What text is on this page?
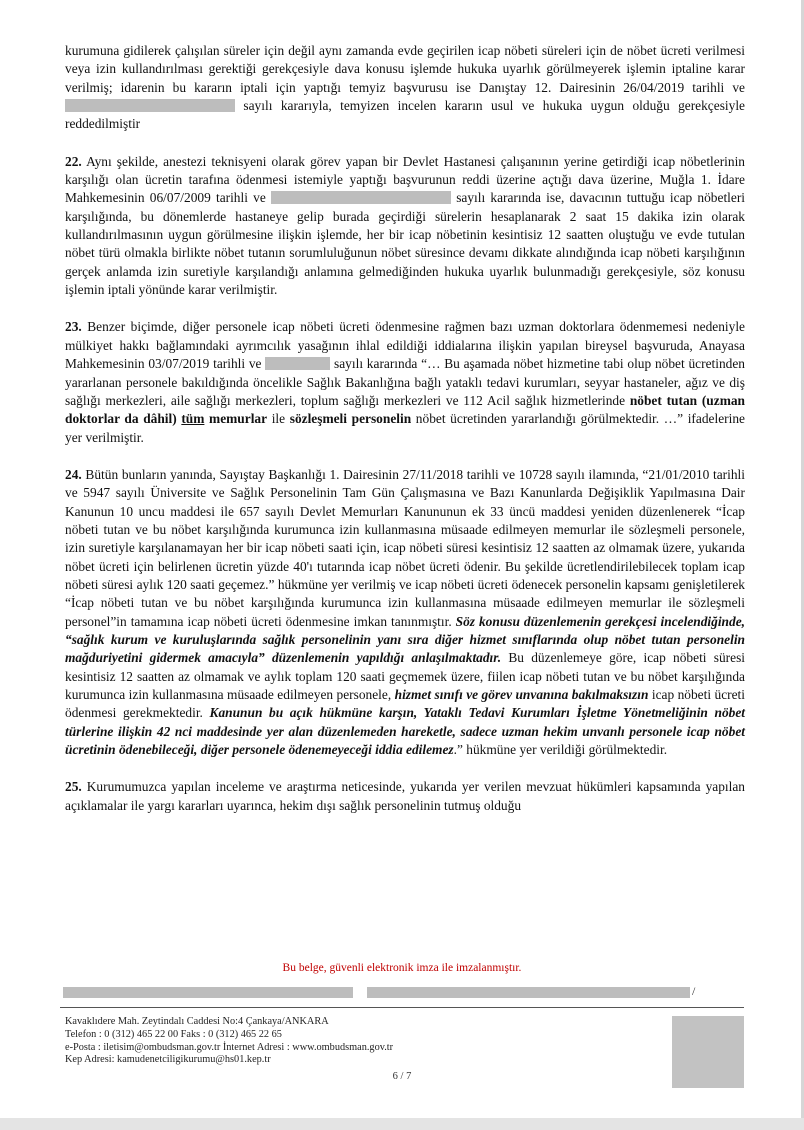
kurumuna gidilerek çalışılan süreler için değil aynı zamanda evde geçirilen icap nöbeti süreleri için de nöbet ücreti verilmesi veya izin kullandırılması gerektiği gerekçesiyle dava konusu işlemde hukuka uyarlık görülmeyerek işlemin iptaline karar verilmiş; idarenin bu kararın iptali için yaptığı temyiz başvurusu ise Danıştay 12. Dairesinin 26/04/2019 tarihli ve  sayılı kararıyla, temyizen incelen kararın usul ve hukuka uygun olduğu gerekçesiyle reddedilmiştir

22. Aynı şekilde, anestezi teknisyeni olarak görev yapan bir Devlet Hastanesi çalışanının yerine getirdiği icap nöbetlerinin karşılığı olan ücretin tarafına ödenmesi istemiyle yaptığı başvurunun reddi üzerine açtığı dava üzerine, Muğla 1. İdare Mahkemesinin 06/07/2009 tarihli ve	sayılı kararında ise, davacının tuttuğu icap nöbetleri karşılığında, bu dönemlerde hastaneye gelip burada geçirdiği sürelerin hesaplanarak 2 saat 15 dakika izin olarak kullandırılmasının uygun görülmesine ilişkin işlemde, her bir icap nöbetinin kesintisiz 12 saatten oluştuğu ve evde tutulan nöbet türü olmakla birlikte nöbet tutanın sorumluluğunun nöbet süresince devamı dikkate alındığında icap nöbeti karşılığının gerçek anlamda izin suretiyle karşılandığı anlamına gelmediğinden hukuka uyarlık bulunmadığı gerekçesiyle, söz konusu işlemin iptali yönünde karar verilmiştir.

23. Benzer biçimde, diğer personele icap nöbeti ücreti ödenmesine rağmen bazı uzman doktorlara ödenmemesi nedeniyle mülkiyet hakkı bağlamındaki ayrımcılık yasağının ihlal edildiği iddialarına ilişkin yapılan bireysel başvuruda, Anayasa Mahkemesinin 03/07/2019 tarihli ve	sayılı kararında “… Bu aşamada nöbet hizmetine tabi olup nöbet ücretinden yararlanan personele bakıldığında öncelikle Sağlık Bakanlığına bağlı yataklı tedavi kurumları, seyyar hastaneler, ağız ve diş sağlığı merkezleri, aile sağlığı merkezleri, toplum sağlığı merkezleri ve 112 Acil sağlık hizmetlerinde nöbet tutan (uzman doktorlar da dâhil) tüm memurlar ile sözleşmeli personelin nöbet ücretinden yararlandığı görülmektedir. …” ifadelerine yer verilmiştir.

24. Bütün bunların yanında, Sayıştay Başkanlığı 1. Dairesinin 27/11/2018 tarihli ve 10728 sayılı ilamında, “21/01/2010 tarihli ve 5947 sayılı Üniversite ve Sağlık Personelinin Tam Gün Çalışmasına ve Bazı Kanunlarda Değişiklik Yapılmasına Dair Kanunun 10 uncu maddesi ile 657 sayılı Devlet Memurları Kanununun ek 33 üncü maddesi yeniden düzenlenerek “İcap nöbeti tutan ve bu nöbet karşılığında kurumunca izin kullanmasına müsaade edilmeyen memurlar ile sözleşmeli personele, izin suretiyle karşılanamayan her bir icap nöbeti saati için, icap nöbeti süresi kesintisiz 12 saatten az olmamak üzere, yukarıda nöbet ücreti için belirlenen ücretin yüzde 40'ı tutarında icap nöbet ücreti ödenir. Bu şekilde ücretlendirilebilecek toplam icap nöbeti süresi aylık 120 saati geçemez.” hükmüne yer verilmiş ve icap nöbeti ücreti ödenecek personelin kapsamı genişletilerek “İcap nöbeti tutan ve bu nöbet karşılığında kurumunca izin kullanmasına müsaade edilmeyen memurlar ile sözleşmeli personel”in tamamına icap nöbeti ücreti ödenmesine imkan tanınmıştır. Söz konusu düzenlemenin gerekçesi incelendiğinde, “sağlık kurum ve kuruluşlarında sağlık personelinin yanı sıra diğer hizmet sınıflarında olup nöbet tutan personelin mağduriyetini gidermek amacıyla” düzenlemenin yapıldığı anlaşılmaktadır. Bu düzenlemeye göre, icap nöbeti süresi kesintisiz 12 saatten az olmamak ve aylık toplam 120 saati geçmemek üzere, fiilen icap nöbeti tutan ve bu nöbet karşılığında kurumunca izin kullanmasına müsaade edilmeyen personele, hizmet sınıfı ve görev unvanına bakılmaksızın icap nöbeti ücreti ödenmesi gerekmektedir. Kanunun bu açık hükmüne karşın, Yataklı Tedavi Kurumları İşletme Yönetmeliğinin nöbet türlerine ilişkin 42 nci maddesinde yer alan düzenlemeden hareketle, sadece uzman hekim unvanlı personele icap nöbet ücretinin ödenebileceği, diğer personele ödenemeyeceği iddia edilemez.” hükmüne yer verildiği görülmektedir.

25. Kurumumuzca yapılan inceleme ve araştırma neticesinde, yukarıda yer verilen mevzuat hükümleri kapsamında yapılan açıklamalar ile yargı kararları uyarınca, hekim dışı sağlık personelinin tutmuş olduğu

Bu belge, güvenli elektronik imza ile imzalanmıştır.
/
Kavaklıdere Mah. Zeytindalı Caddesi No:4 Çankaya/ANKARA
Telefon : 0 (312) 465 22 00 Faks : 0 (312) 465 22 65
e-Posta : iletisim@ombudsman.gov.tr İnternet Adresi : www.ombudsman.gov.tr
Kep Adresi: kamudenetciligikurumu@hs01.kep.tr
6 / 7
